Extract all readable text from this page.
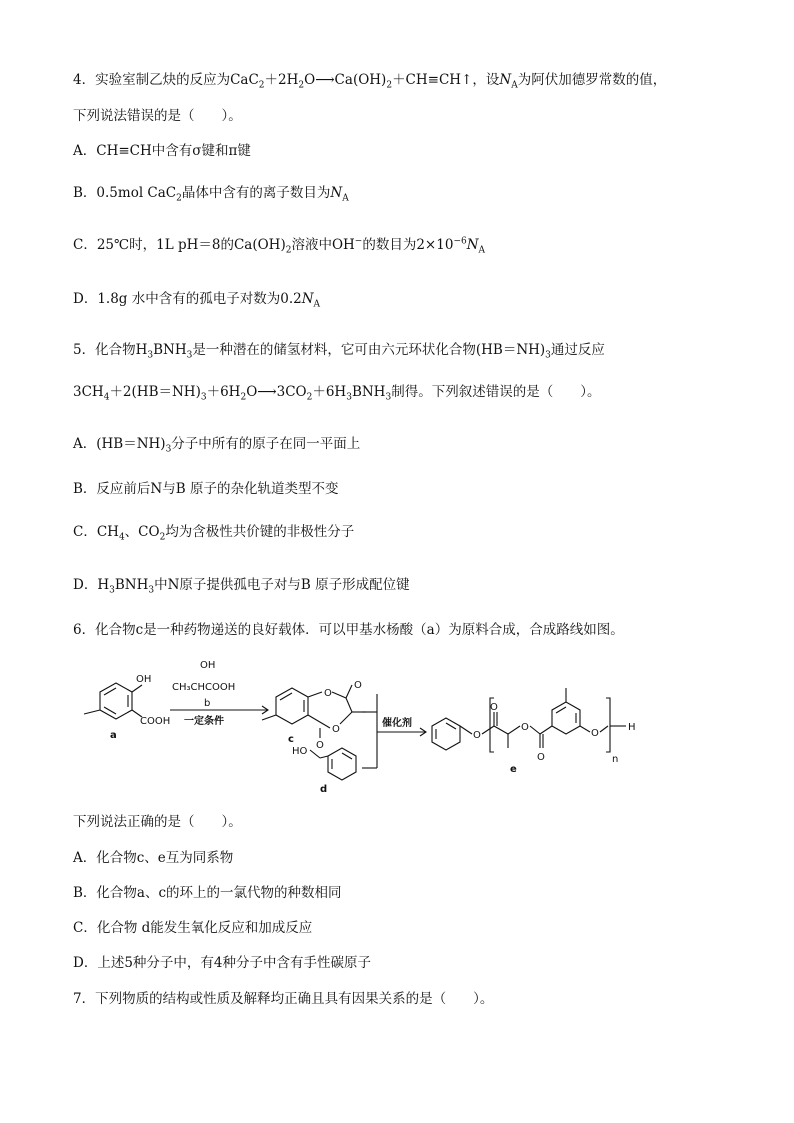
4．实验室制乙炔的反应为$CaC_2+2H_2O⟶Ca(OH)_2+CH\equiv CH↑$，设$N_A$为阿伏加德罗常数的值，
下列说法错误的是（　　）。
A．CH≡CH中含有σ键和π键
B．0.5mol CaC$_2$晶体中含有的离子数目为$N_A$
C．25℃时，1L pH＝8的$Ca(OH)_2$溶液中OH−的数目为$2\times 10^{-6}N_A$
D．1.8g 水中含有的孤电子对数为$0.2N_A$
5．化合物$H_3BNH_3$是一种潜在的储氢材料，它可由六元环状化合物$(HB=NH)_3$通过反应
$3CH_4+2(HB=NH)_3+6H_2O⟶3CO_2+6H_3BNH_3$制得。下列叙述错误的是（　　）。
A．$(HB=NH)_3$分子中所有的原子在同一平面上
B．反应前后N与B 原子的杂化轨道类型不变
C．$CH_4$、$CO_2$均为含极性共价键的非极性分子
D．$H_3BNH_3$中N原子提供孤电子对与B 原子形成配位键
6．化合物c是一种药物递送的良好载体．可以甲基水杨酸（a）为原料合成，合成路线如图。
OH
COOH
a
OH
CH₃CHCOOH
b
一定条件
O
O
O
O
c
HO
d
催化剂
O
O
O
O
O
n
H
e
下列说法正确的是（　　）。
A．化合物c、e互为同系物
B．化合物a、c的环上的一氯代物的种数相同
C．化合物 d能发生氧化反应和加成反应
D．上述5种分子中，有4种分子中含有手性碳原子
7．下列物质的结构或性质及解释均正确且具有因果关系的是（　　）。
